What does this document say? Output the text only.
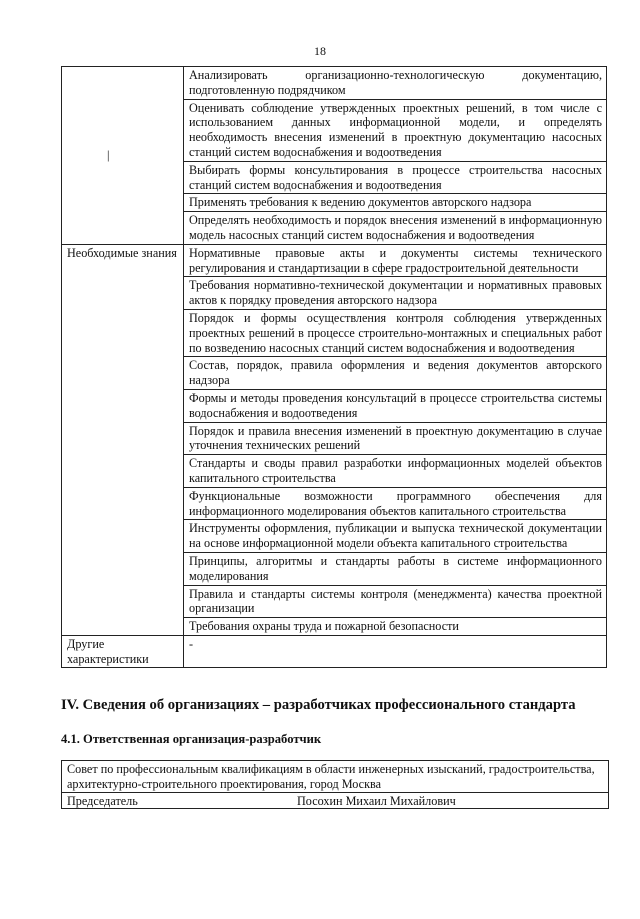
18
|	Анализировать организационно-технологическую документацию, подготовленную подрядчиком
	Оценивать соблюдение утвержденных проектных решений, в том числе с использованием данных информационной модели, и определять необходимость внесения изменений в проектную документацию насосных станций систем водоснабжения и водоотведения
	Выбирать формы консультирования в процессе строительства насосных станций систем водоснабжения и водоотведения
	Применять требования к ведению документов авторского надзора
	Определять необходимость и порядок внесения изменений в информационную модель насосных станций систем водоснабжения и водоотведения
Необходимые знания	Нормативные правовые акты и документы системы технического регулирования и стандартизации в сфере градостроительной деятельности
	Требования нормативно-технической документации и нормативных правовых актов к порядку проведения авторского надзора
	Порядок и формы осуществления контроля соблюдения утвержденных проектных решений в процессе строительно-монтажных и специальных работ по возведению насосных станций систем водоснабжения и водоотведения
	Состав, порядок, правила оформления и ведения документов авторского надзора
	Формы и методы проведения консультаций в процессе строительства системы водоснабжения и водоотведения
	Порядок и правила внесения изменений в проектную документацию в случае уточнения технических решений
	Стандарты и своды правил разработки информационных моделей объектов капитального строительства
	Функциональные возможности программного обеспечения для информационного моделирования объектов капитального строительства
	Инструменты оформления, публикации и выпуска технической документации на основе информационной модели объекта капитального строительства
	Принципы, алгоритмы и стандарты работы в системе информационного моделирования
	Правила и стандарты системы контроля (менеджмента) качества проектной организации
	Требования охраны труда и пожарной безопасности
Другие характеристики	-
IV. Сведения об организациях – разработчиках профессионального стандарта
4.1. Ответственная организация-разработчик
Совет по профессиональным квалификациям в области инженерных изысканий, градостроительства, архитектурно-строительного проектирования, город Москва

Председатель	Посохин Михаил Михайлович
